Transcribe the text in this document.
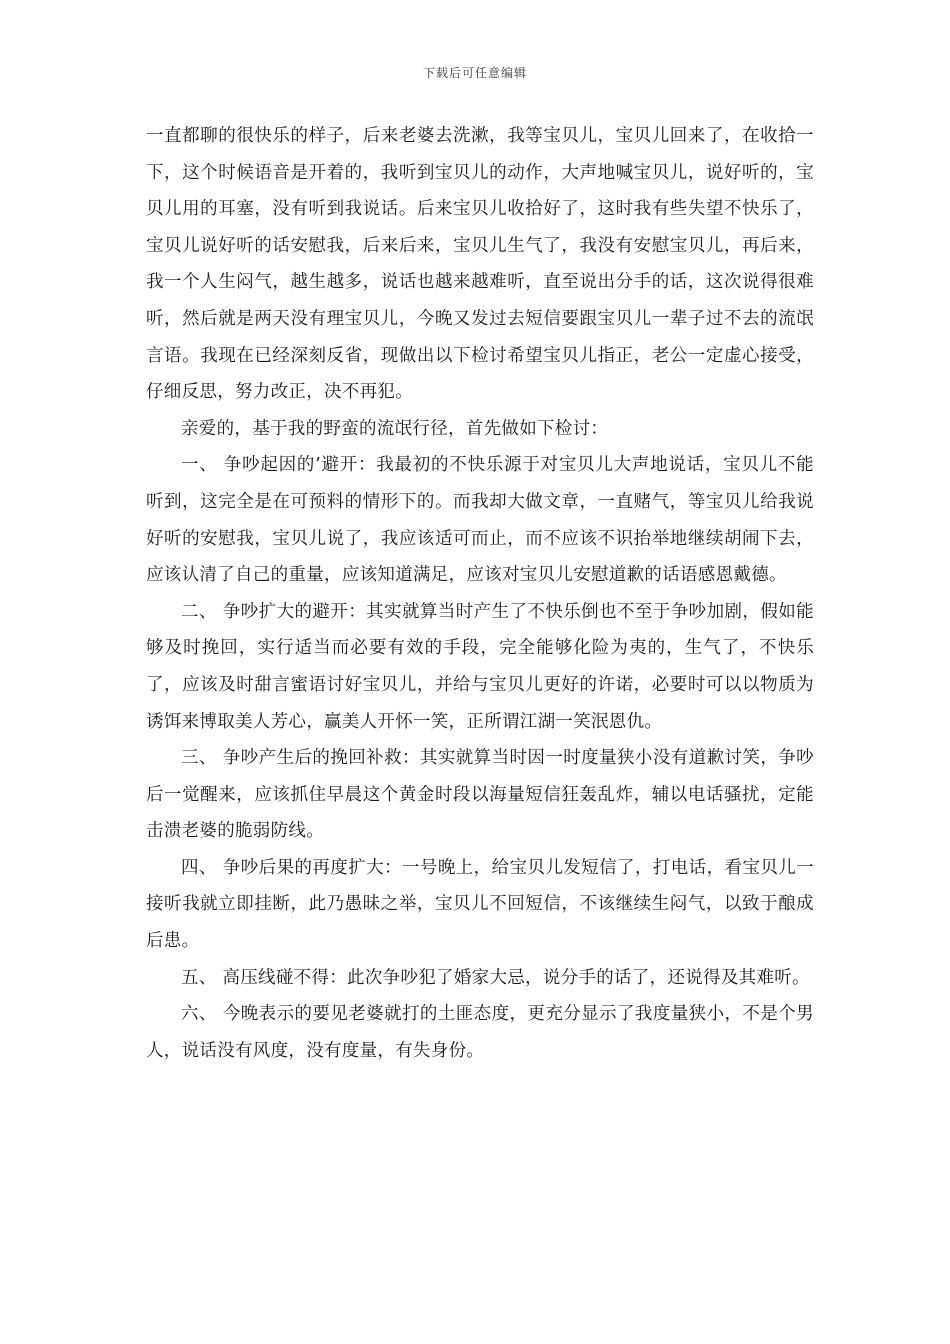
下载后可任意编辑

一直都聊的很快乐的样子，后来老婆去洗漱，我等宝贝儿，宝贝儿回来了，在收拾一下，这个时候语音是开着的，我听到宝贝儿的动作，大声地喊宝贝儿，说好听的，宝贝儿用的耳塞，没有听到我说话。后来宝贝儿收拾好了，这时我有些失望不快乐了，宝贝儿说好听的话安慰我，后来后来，宝贝儿生气了，我没有安慰宝贝儿，再后来，我一个人生闷气，越生越多，说话也越来越难听，直至说出分手的话，这次说得很难听，然后就是两天没有理宝贝儿，今晚又发过去短信要跟宝贝儿一辈子过不去的流氓言语。我现在已经深刻反省，现做出以下检讨希望宝贝儿指正，老公一定虚心接受，仔细反思，努力改正，决不再犯。

亲爱的，基于我的野蛮的流氓行径，首先做如下检讨：

一、 争吵起因的’避开：我最初的不快乐源于对宝贝儿大声地说话，宝贝儿不能听到，这完全是在可预料的情形下的。而我却大做文章，一直赌气，等宝贝儿给我说好听的安慰我，宝贝儿说了，我应该适可而止，而不应该不识抬举地继续胡闹下去，应该认清了自己的重量，应该知道满足，应该对宝贝儿安慰道歉的话语感恩戴德。

二、 争吵扩大的避开：其实就算当时产生了不快乐倒也不至于争吵加剧，假如能够及时挽回，实行适当而必要有效的手段，完全能够化险为夷的，生气了，不快乐了，应该及时甜言蜜语讨好宝贝儿，并给与宝贝儿更好的许诺，必要时可以以物质为诱饵来博取美人芳心，赢美人开怀一笑，正所谓江湖一笑泯恩仇。

三、 争吵产生后的挽回补救：其实就算当时因一时度量狭小没有道歉讨笑，争吵后一觉醒来，应该抓住早晨这个黄金时段以海量短信狂轰乱炸，辅以电话骚扰，定能击溃老婆的脆弱防线。

四、 争吵后果的再度扩大：一号晚上，给宝贝儿发短信了，打电话，看宝贝儿一接听我就立即挂断，此乃愚昧之举，宝贝儿不回短信，不该继续生闷气，以致于酿成后患。

五、 高压线碰不得：此次争吵犯了婚家大忌，说分手的话了，还说得及其难听。

六、 今晚表示的要见老婆就打的土匪态度，更充分显示了我度量狭小，不是个男人，说话没有风度，没有度量，有失身份。
